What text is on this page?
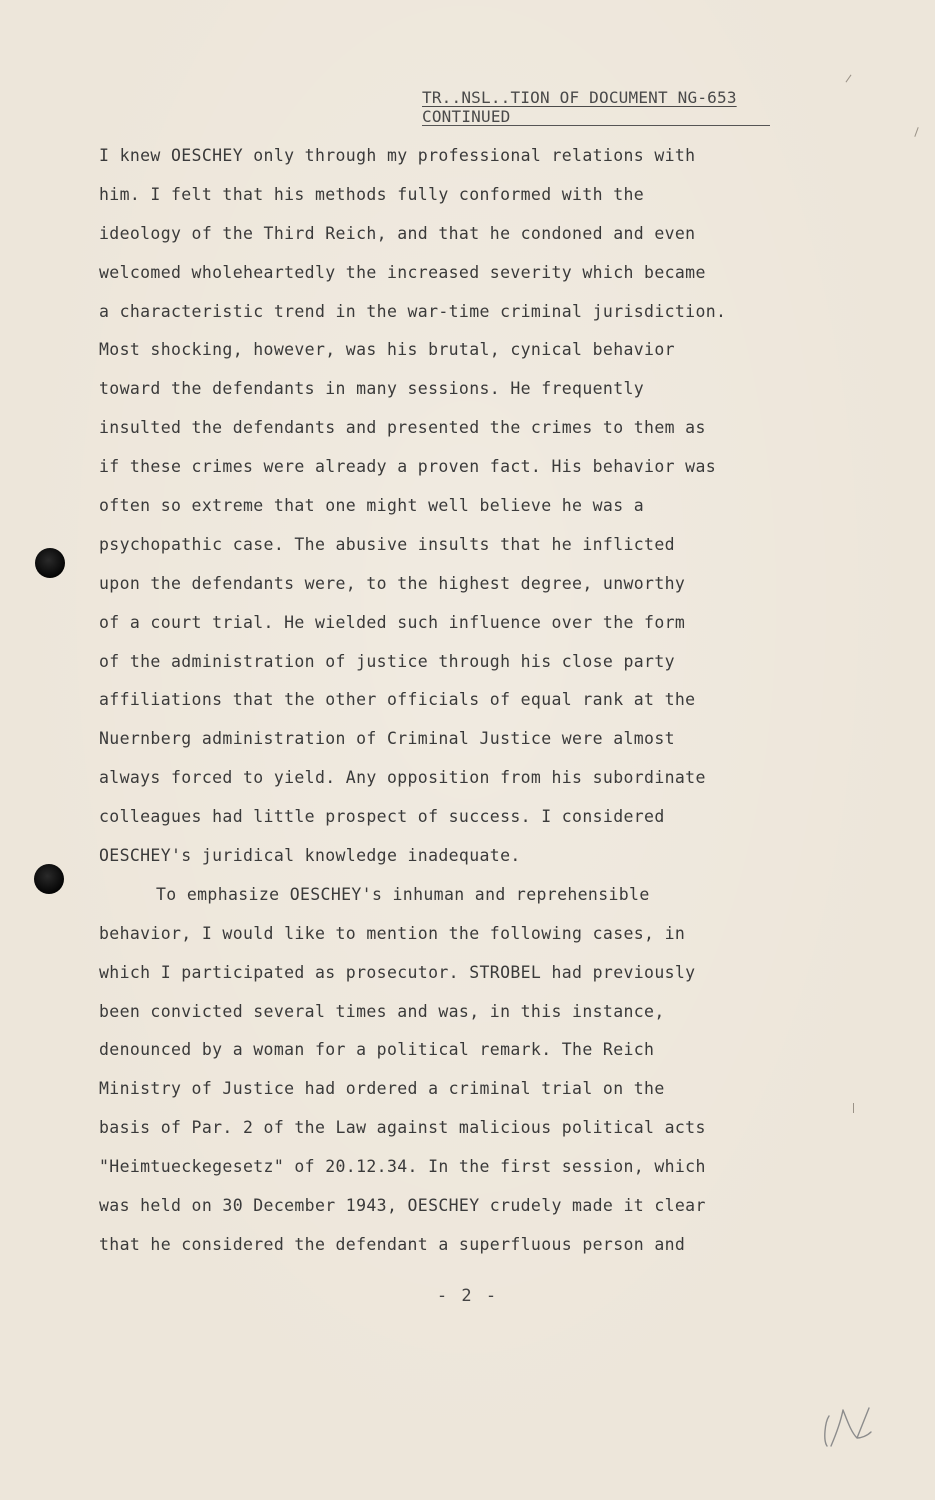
TR..NSL..TION OF DOCUMENT NG-653
CONTINUED
I knew OESCHEY only through my professional relations with
him. I felt that his methods fully conformed with the
ideology of the Third Reich, and that he condoned and even
welcomed wholeheartedly the increased severity which became
a characteristic trend in the war-time criminal jurisdiction.
Most shocking, however, was his brutal, cynical behavior
toward the defendants in many sessions. He frequently
insulted the defendants and presented the crimes to them as
if these crimes were already a proven fact. His behavior was
often so extreme that one might well believe he was a
psychopathic case. The abusive insults that he inflicted
upon the defendants were, to the highest degree, unworthy
of a court trial. He wielded such influence over the form
of the administration of justice through his close party
affiliations that the other officials of equal rank at the
Nuernberg administration of Criminal Justice were almost
always forced to yield. Any opposition from his subordinate
colleagues had little prospect of success. I considered
OESCHEY's juridical knowledge inadequate.
To emphasize OESCHEY's inhuman and reprehensible
behavior, I would like to mention the following cases, in
which I participated as prosecutor. STROBEL had previously
been convicted several times and was, in this instance,
denounced by a woman for a political remark. The Reich
Ministry of Justice had ordered a criminal trial on the
basis of Par. 2 of the Law against malicious political acts
"Heimtueckegesetz" of 20.12.34. In the first session, which
was held on 30 December 1943, OESCHEY crudely made it clear
that he considered the defendant a superfluous person and
- 2 -
